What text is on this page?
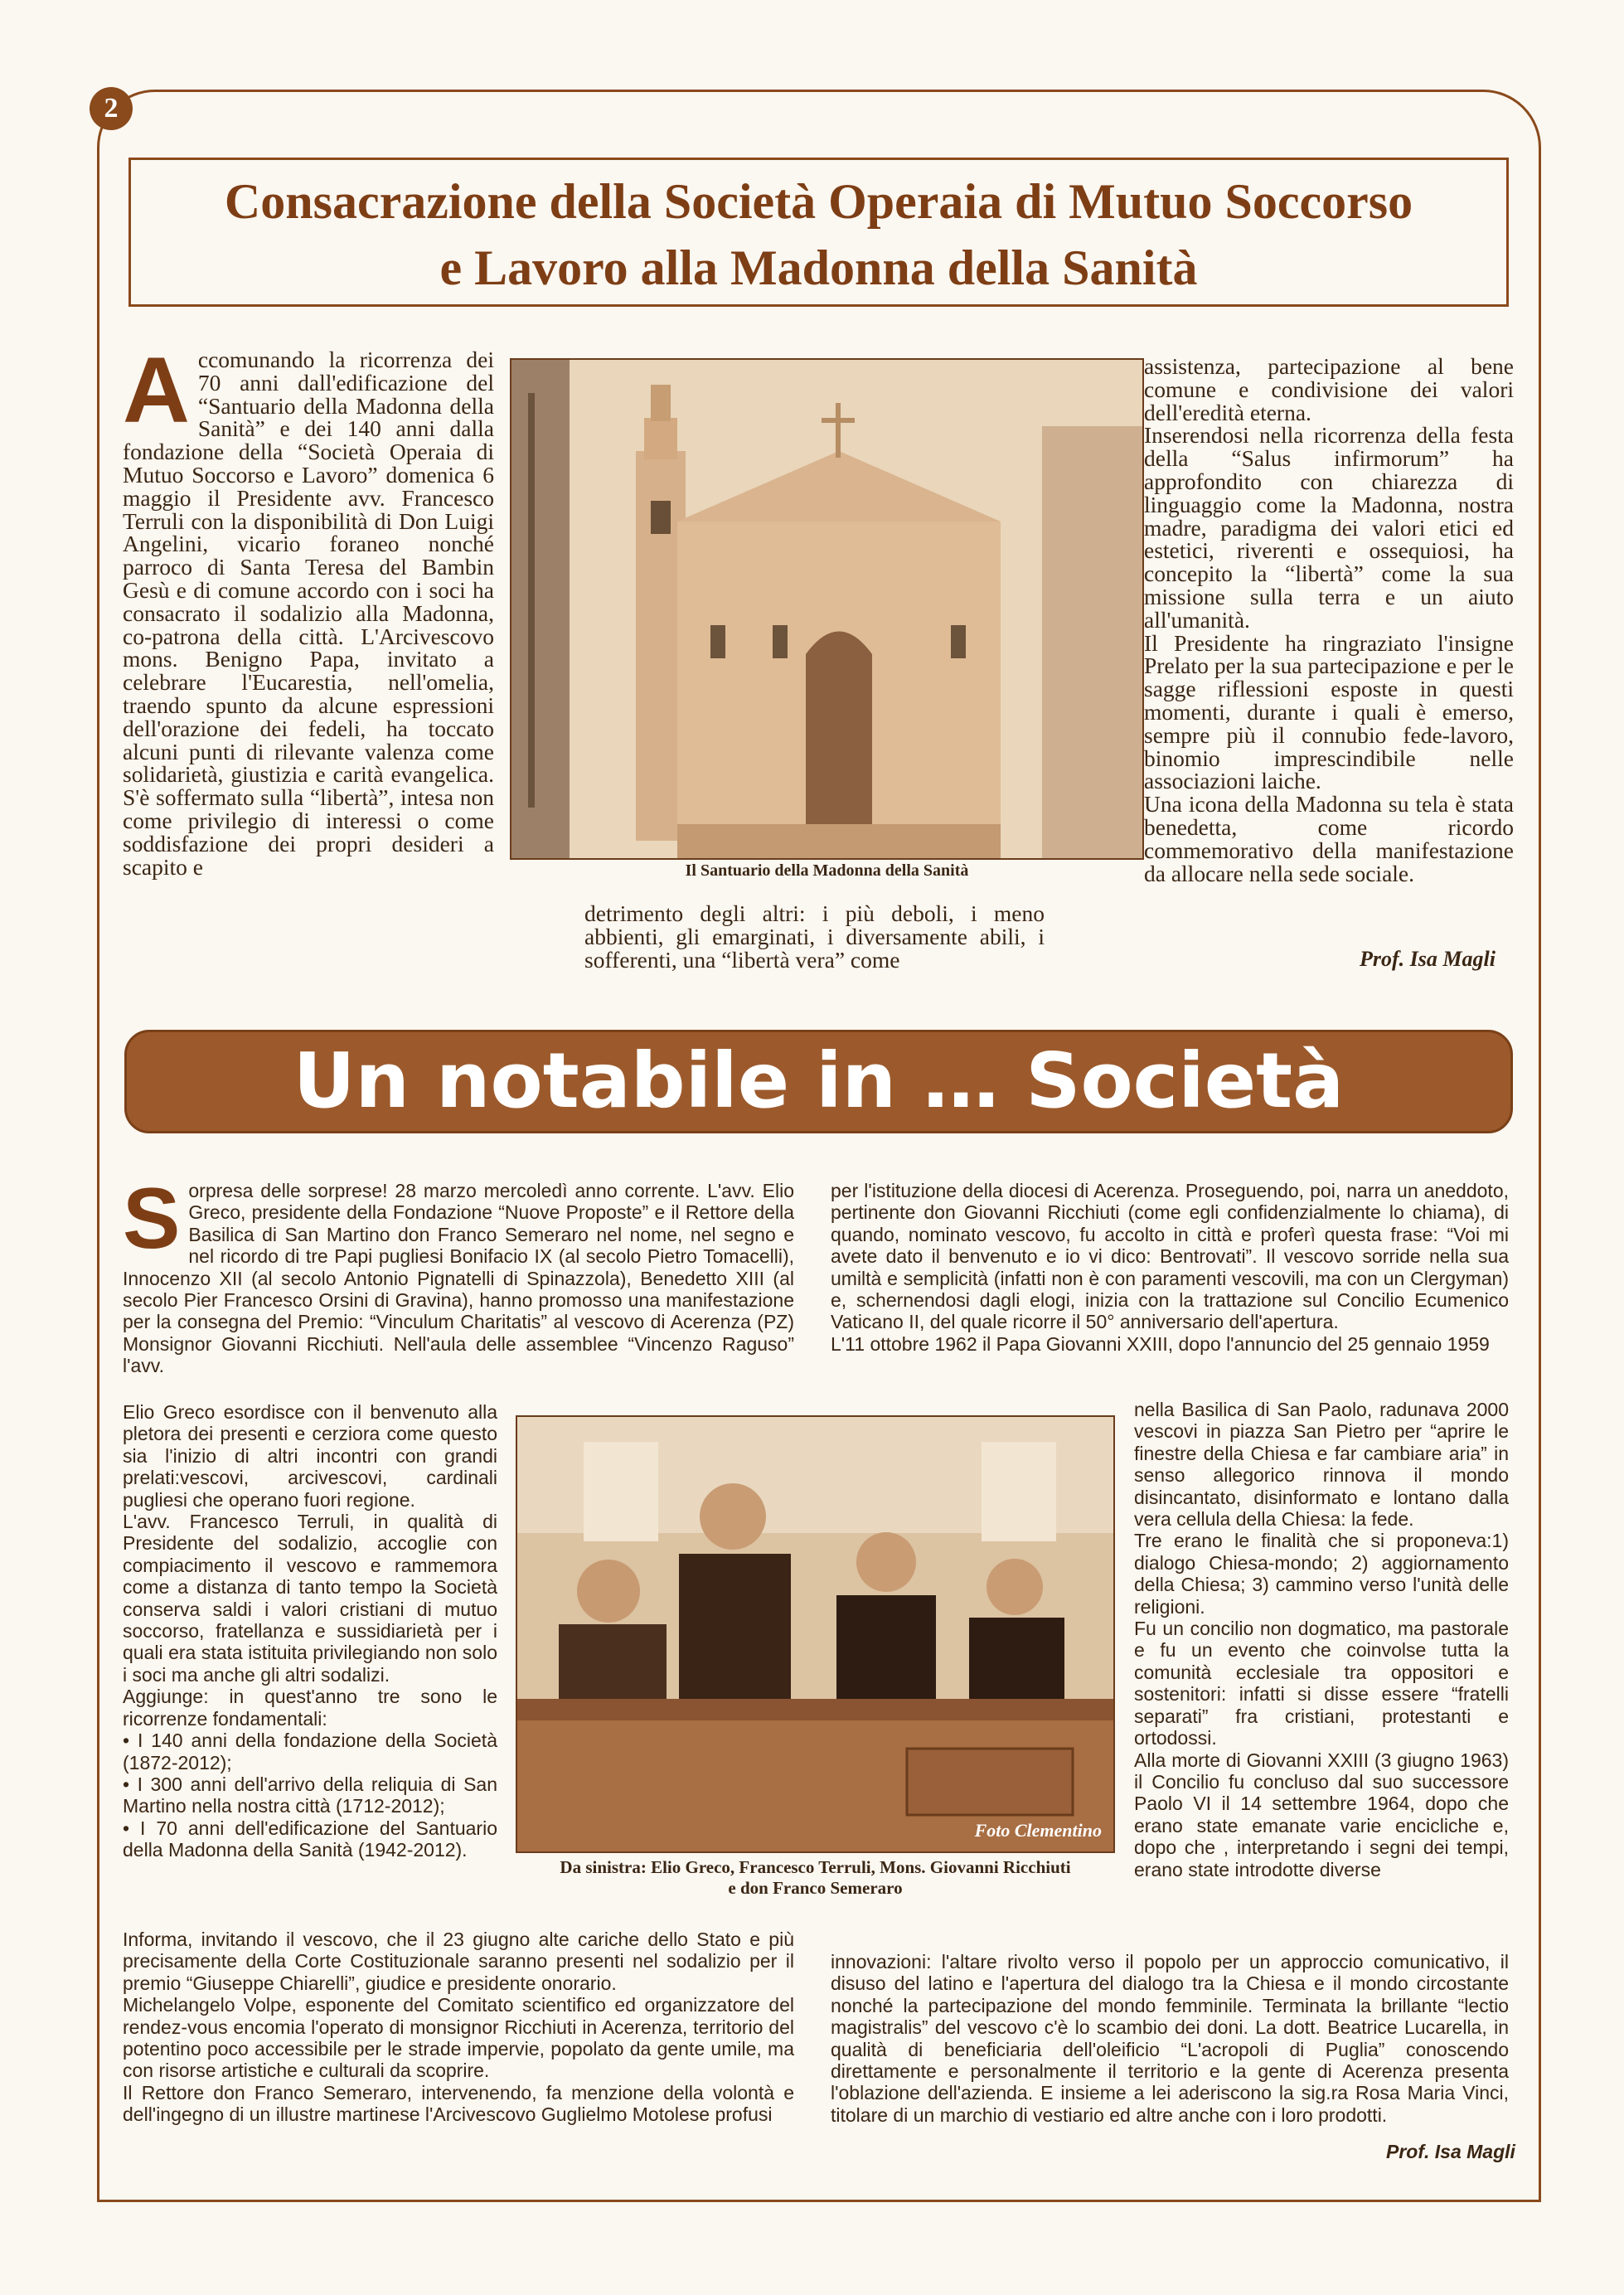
2
Consacrazione della Società Operaia di Mutuo Soccorso
e Lavoro alla Madonna della Sanità
A ccomunando la ricorrenza dei 70 anni dall'edificazione del “Santuario della Madonna della Sanità” e dei 140 anni dalla fondazione della “Società Operaia di Mutuo Soccorso e Lavoro” domenica 6 maggio il Presidente avv. Francesco Terruli con la disponibilità di Don Luigi Angelini, vicario foraneo nonché parroco di Santa Teresa del Bambin Gesù e di comune accordo con i soci ha consacrato il sodalizio alla Madonna, co-patrona della città. L'Arcivescovo mons. Benigno Papa, invitato a celebrare l'Eucarestia, nell'omelia, traendo spunto da alcune espressioni dell'orazione dei fedeli, ha toccato alcuni punti di rilevante valenza come solidarietà, giustizia e carità evangelica. S'è soffermato sulla “libertà”, intesa non come privilegio di interessi o come soddisfazione dei propri desideri a scapito e	Il Santuario della Madonna della Sanità
detrimento degli altri: i più deboli, i meno abbienti, gli emarginati, i diversamente abili, i sofferenti, una “libertà vera” come

assistenza, partecipazione al bene comune e condivisione dei valori dell'eredità eterna.

Inserendosi nella ricorrenza della festa della “Salus infirmorum” ha approfondito con chiarezza di linguaggio come la Madonna, nostra madre, paradigma dei valori etici ed estetici, riverenti e ossequiosi, ha concepito la “libertà” come la sua missione sulla terra e un aiuto all'umanità.

Il Presidente ha ringraziato l'insigne Prelato per la sua partecipazione e per le sagge riflessioni esposte in questi momenti, durante i quali è emerso, sempre più il connubio fede-lavoro, binomio imprescindibile nelle associazioni laiche.

Una icona della Madonna su tela è stata benedetta, come ricordo commemorativo della manifestazione da allocare nella sede sociale.

Prof. Isa Magli
Un notabile in … Società
S orpresa delle sorprese! 28 marzo mercoledì anno corrente. L'avv. Elio Greco, presidente della Fondazione “Nuove Proposte” e il Rettore della Basilica di San Martino don Franco Semeraro nel nome, nel segno e nel ricordo di tre Papi pugliesi Bonifacio IX (al secolo Pietro Tomacelli), Innocenzo XII (al secolo Antonio Pignatelli di Spinazzola), Benedetto XIII (al secolo Pier Francesco Orsini di Gravina), hanno promosso una manifestazione per la consegna del Premio: “Vinculum Charitatis” al vescovo di Acerenza (PZ) Monsignor Giovanni Ricchiuti. Nell'aula delle assemblee “Vincenzo Raguso” l'avv.

Elio Greco esordisce con il benvenuto alla pletora dei presenti e cerziora come questo sia l'inizio di altri incontri con grandi prelati:vescovi, arcivescovi, cardinali pugliesi che operano fuori regione.

L'avv. Francesco Terruli, in qualità di Presidente del sodalizio, accoglie con compiacimento il vescovo e rammemora come a distanza di tanto tempo la Società conserva saldi i valori cristiani di mutuo soccorso, fratellanza e sussidiarietà per i quali era stata istituita privilegiando non solo i soci ma anche gli altri sodalizi.

Aggiunge: in quest'anno tre sono le ricorrenze fondamentali:

• I 140 anni della fondazione della Società (1872-2012);

• I 300 anni dell'arrivo della reliquia di San Martino nella nostra città (1712-2012);

• I 70 anni dell'edificazione del Santuario della Madonna della Sanità (1942-2012).

Informa, invitando il vescovo, che il 23 giugno alte cariche dello Stato e più precisamente della Corte Costituzionale saranno presenti nel sodalizio per il premio “Giuseppe Chiarelli”, giudice e presidente onorario.

Michelangelo Volpe, esponente del Comitato scientifico ed organizzatore del rendez-vous encomia l'operato di monsignor Ricchiuti in Acerenza, territorio del potentino poco accessibile per le strade impervie, popolato da gente umile, ma con risorse artistiche e culturali da scoprire.

Il Rettore don Franco Semeraro, intervenendo, fa menzione della volontà e dell'ingegno di un illustre martinese l'Arcivescovo Guglielmo Motolese profusi

per l'istituzione della diocesi di Acerenza. Proseguendo, poi, narra un aneddoto, pertinente don Giovanni Ricchiuti (come egli confidenzialmente lo chiama), di quando, nominato vescovo, fu accolto in città e proferì questa frase: “Voi mi avete dato il benvenuto e io vi dico: Bentrovati”. Il vescovo sorride nella sua umiltà e semplicità (infatti non è con paramenti vescovili, ma con un Clergyman) e, schernendosi dagli elogi, inizia con la trattazione sul Concilio Ecumenico Vaticano II, del quale ricorre il 50° anniversario dell'apertura.

L'11 ottobre 1962 il Papa Giovanni XXIII, dopo l'annuncio del 25 gennaio 1959

Foto Clementino
Da sinistra: Elio Greco, Francesco Terruli, Mons. Giovanni Ricchiuti
e don Franco Semeraro

nella Basilica di San Paolo, radunava 2000 vescovi in piazza San Pietro per “aprire le finestre della Chiesa e far cambiare aria” in senso allegorico rinnova il mondo disincantato, disinformato e lontano dalla vera cellula della Chiesa: la fede.

Tre erano le finalità che si proponeva:1) dialogo Chiesa-mondo; 2) aggiornamento della Chiesa; 3) cammino verso l'unità delle religioni.

Fu un concilio non dogmatico, ma pastorale e fu un evento che coinvolse tutta la comunità ecclesiale tra oppositori e sostenitori: infatti si disse essere “fratelli separati” fra cristiani, protestanti e ortodossi.

Alla morte di Giovanni XXIII (3 giugno 1963) il Concilio fu concluso dal suo successore Paolo VI il 14 settembre 1964, dopo che erano state emanate varie encicliche e, dopo che , interpretando i segni dei tempi, erano state introdotte diverse

innovazioni: l'altare rivolto verso il popolo per un approccio comunicativo, il disuso del latino e l'apertura del dialogo tra la Chiesa e il mondo circostante nonché la partecipazione del mondo femminile. Terminata la brillante “lectio magistralis” del vescovo c'è lo scambio dei doni. La dott. Beatrice Lucarella, in qualità di beneficiaria dell'oleificio “L'acropoli di Puglia” conoscendo direttamente e personalmente il territorio e la gente di Acerenza presenta l'oblazione dell'azienda. E insieme a lei aderiscono la sig.ra Rosa Maria Vinci, titolare di un marchio di vestiario ed altre anche con i loro prodotti.

Prof. Isa Magli
